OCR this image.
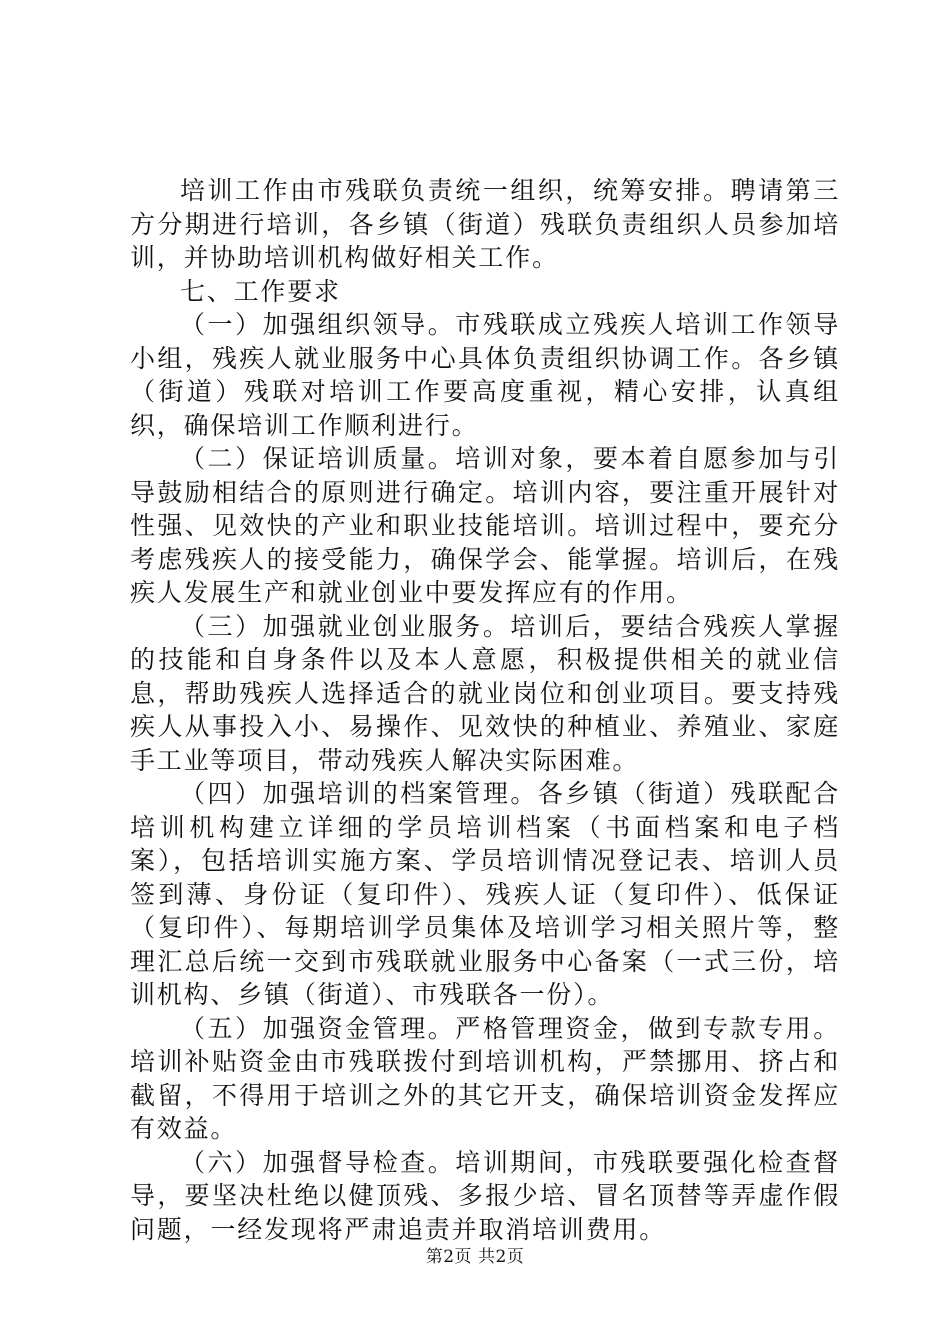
培训工作由市残联负责统一组织，统筹安排。聘请第三方分期进行培训，各乡镇（街道）残联负责组织人员参加培训，并协助培训机构做好相关工作。

七、工作要求

（一）加强组织领导。市残联成立残疾人培训工作领导小组，残疾人就业服务中心具体负责组织协调工作。各乡镇（街道）残联对培训工作要高度重视，精心安排，认真组织，确保培训工作顺利进行。

（二）保证培训质量。培训对象，要本着自愿参加与引导鼓励相结合的原则进行确定。培训内容，要注重开展针对性强、见效快的产业和职业技能培训。培训过程中，要充分考虑残疾人的接受能力，确保学会、能掌握。培训后，在残疾人发展生产和就业创业中要发挥应有的作用。

（三）加强就业创业服务。培训后，要结合残疾人掌握的技能和自身条件以及本人意愿，积极提供相关的就业信息，帮助残疾人选择适合的就业岗位和创业项目。要支持残疾人从事投入小、易操作、见效快的种植业、养殖业、家庭手工业等项目，带动残疾人解决实际困难。

（四）加强培训的档案管理。各乡镇（街道）残联配合培训机构建立详细的学员培训档案（书面档案和电子档案），包括培训实施方案、学员培训情况登记表、培训人员签到薄、身份证（复印件）、残疾人证（复印件）、低保证（复印件）、每期培训学员集体及培训学习相关照片等，整理汇总后统一交到市残联就业服务中心备案（一式三份，培训机构、乡镇（街道）、市残联各一份）。

（五）加强资金管理。严格管理资金，做到专款专用。培训补贴资金由市残联拨付到培训机构，严禁挪用、挤占和截留，不得用于培训之外的其它开支，确保培训资金发挥应有效益。

（六）加强督导检查。培训期间，市残联要强化检查督导，要坚决杜绝以健顶残、多报少培、冒名顶替等弄虚作假问题，一经发现将严肃追责并取消培训费用。

第2页 共2页
